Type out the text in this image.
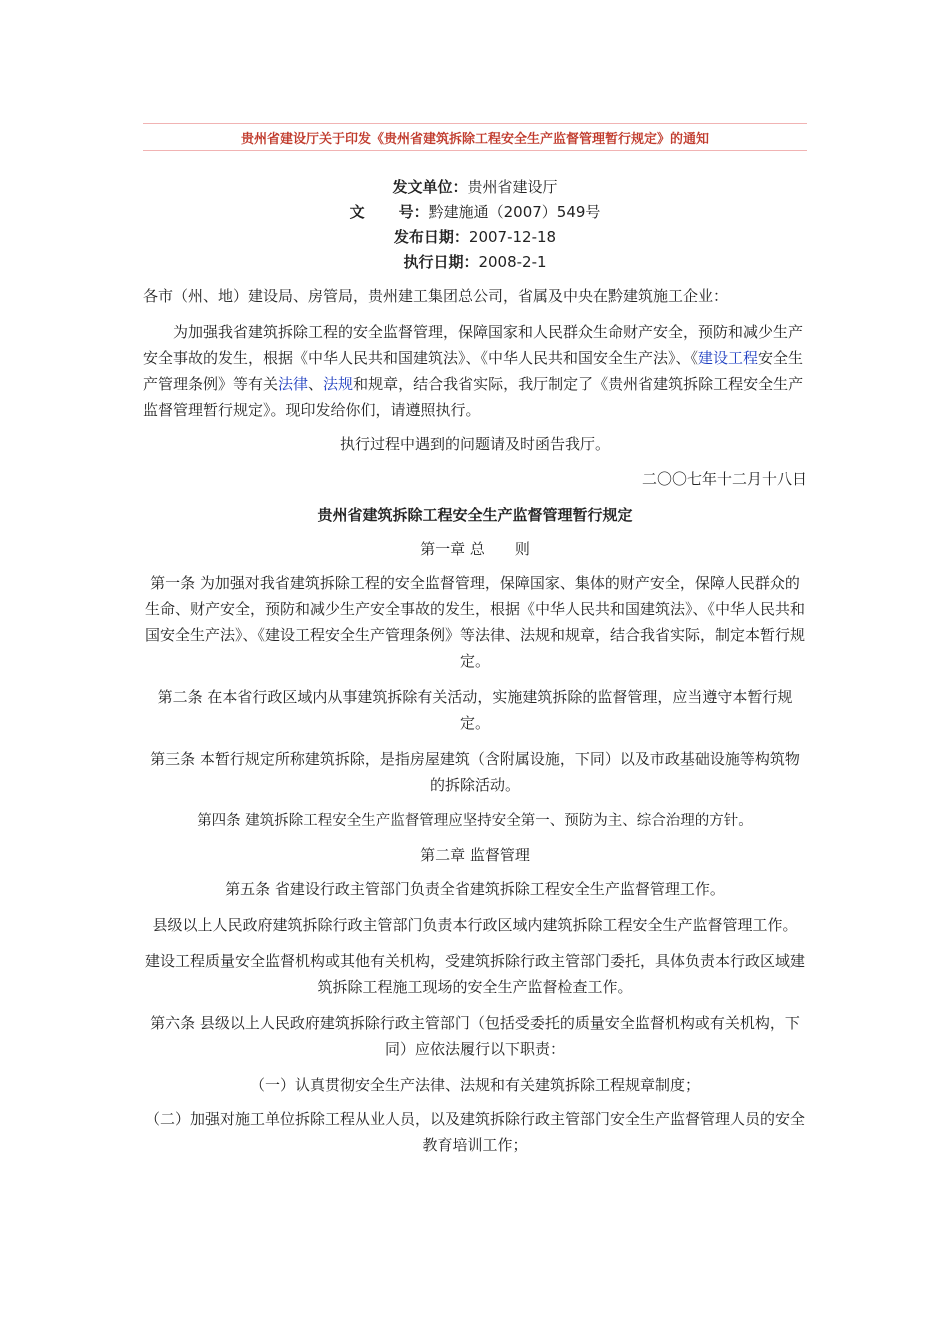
贵州省建设厅关于印发《贵州省建筑拆除工程安全生产监督管理暂行规定》的通知
发文单位：贵州省建设厅
文 号：黔建施通（2007）549号
发布日期：2007-12-18
执行日期：2008-2-1

各市（州、地）建设局、房管局，贵州建工集团总公司，省属及中央在黔建筑施工企业：

为加强我省建筑拆除工程的安全监督管理，保障国家和人民群众生命财产安全，预防和减少生产安全事故的发生，根据《中华人民共和国建筑法》、《中华人民共和国安全生产法》、《建设工程安全生产管理条例》等有关法律、法规和规章，结合我省实际，我厅制定了《贵州省建筑拆除工程安全生产监督管理暂行规定》。现印发给你们，请遵照执行。

执行过程中遇到的问题请及时函告我厅。

二〇〇七年十二月十八日

贵州省建筑拆除工程安全生产监督管理暂行规定

第一章 总 则

第一条 为加强对我省建筑拆除工程的安全监督管理，保障国家、集体的财产安全，保障人民群众的生命、财产安全，预防和减少生产安全事故的发生，根据《中华人民共和国建筑法》、《中华人民共和国安全生产法》、《建设工程安全生产管理条例》等法律、法规和规章，结合我省实际，制定本暂行规定。

第二条 在本省行政区域内从事建筑拆除有关活动，实施建筑拆除的监督管理，应当遵守本暂行规定。

第三条 本暂行规定所称建筑拆除，是指房屋建筑（含附属设施，下同）以及市政基础设施等构筑物的拆除活动。

第四条 建筑拆除工程安全生产监督管理应坚持安全第一、预防为主、综合治理的方针。

第二章 监督管理

第五条 省建设行政主管部门负责全省建筑拆除工程安全生产监督管理工作。

县级以上人民政府建筑拆除行政主管部门负责本行政区域内建筑拆除工程安全生产监督管理工作。

建设工程质量安全监督机构或其他有关机构，受建筑拆除行政主管部门委托，具体负责本行政区域建筑拆除工程施工现场的安全生产监督检查工作。

第六条 县级以上人民政府建筑拆除行政主管部门（包括受委托的质量安全监督机构或有关机构，下同）应依法履行以下职责：

（一）认真贯彻安全生产法律、法规和有关建筑拆除工程规章制度；

（二）加强对施工单位拆除工程从业人员，以及建筑拆除行政主管部门安全生产监督管理人员的安全教育培训工作；
